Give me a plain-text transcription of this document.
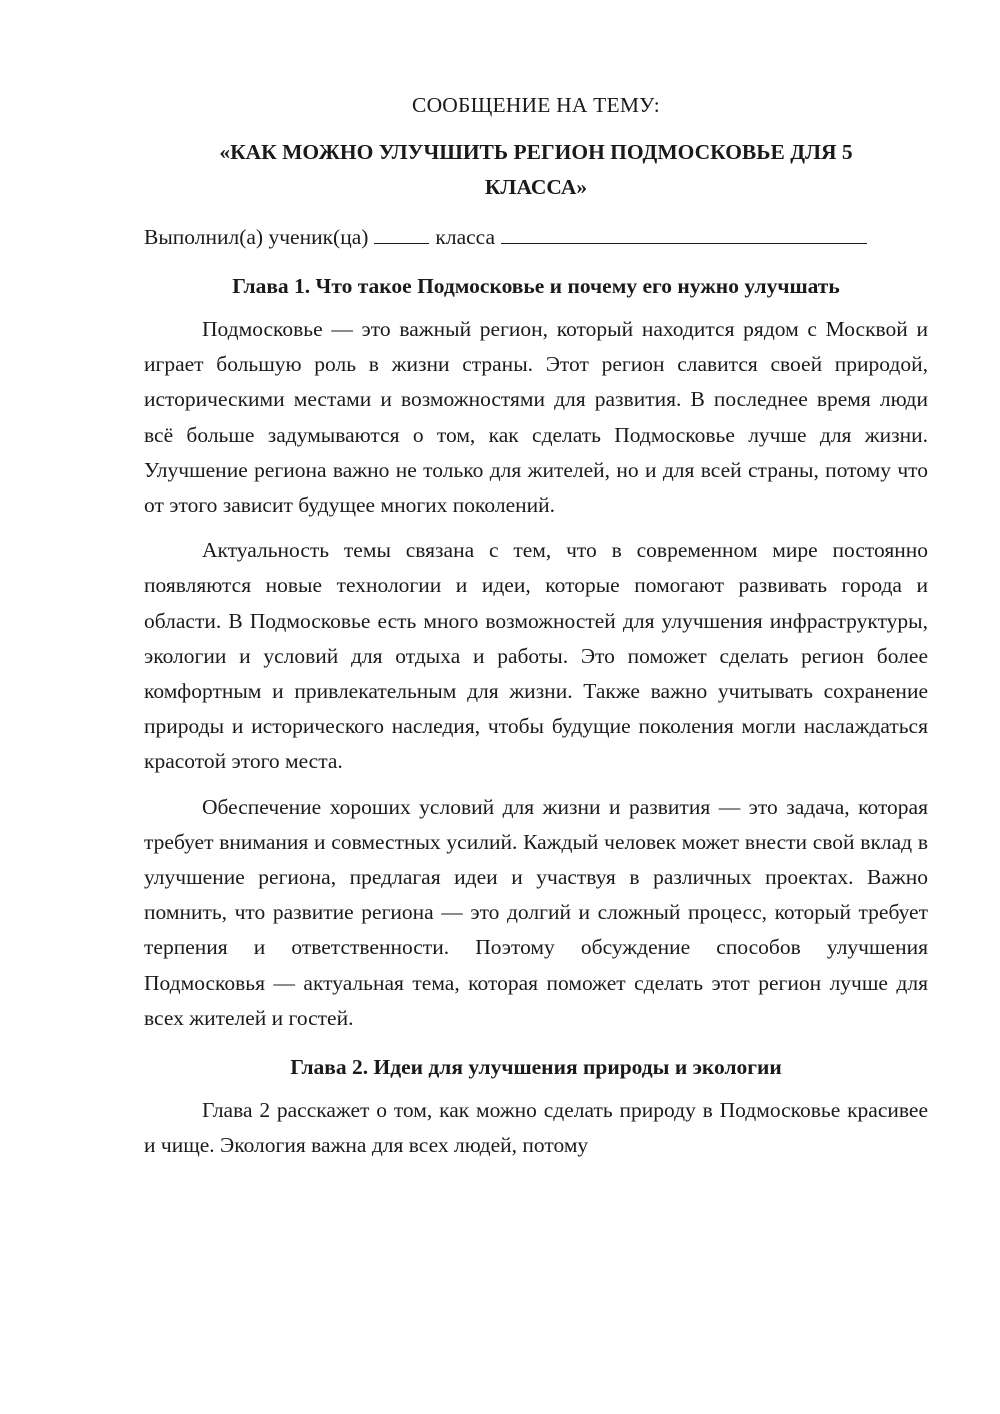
СООБЩЕНИЕ НА ТЕМУ:

«КАК МОЖНО УЛУЧШИТЬ РЕГИОН ПОДМОСКОВЬЕ ДЛЯ 5

КЛАССА»

Выполнил(а) ученик(ца)	класса

Глава 1. Что такое Подмосковье и почему его нужно улучшать

Подмосковье — это важный регион, который находится рядом с Москвой и играет большую роль в жизни страны. Этот регион славится своей природой, историческими местами и возможностями для развития. В последнее время люди всё больше задумываются о том, как сделать Подмосковье лучше для жизни. Улучшение региона важно не только для жителей, но и для всей страны, потому что от этого зависит будущее многих поколений.

Актуальность темы связана с тем, что в современном мире постоянно появляются новые технологии и идеи, которые помогают развивать города и области. В Подмосковье есть много возможностей для улучшения инфраструктуры, экологии и условий для отдыха и работы. Это поможет сделать регион более комфортным и привлекательным для жизни. Также важно учитывать сохранение природы и исторического наследия, чтобы будущие поколения могли наслаждаться красотой этого места.

Обеспечение хороших условий для жизни и развития — это задача, которая требует внимания и совместных усилий. Каждый человек может внести свой вклад в улучшение региона, предлагая идеи и участвуя в различных проектах. Важно помнить, что развитие региона — это долгий и сложный процесс, который требует терпения и ответственности. Поэтому обсуждение способов улучшения Подмосковья — актуальная тема, которая поможет сделать этот регион лучше для всех жителей и гостей.

Глава 2. Идеи для улучшения природы и экологии

Глава 2 расскажет о том, как можно сделать природу в Подмосковье красивее и чище. Экология важна для всех людей, потому
